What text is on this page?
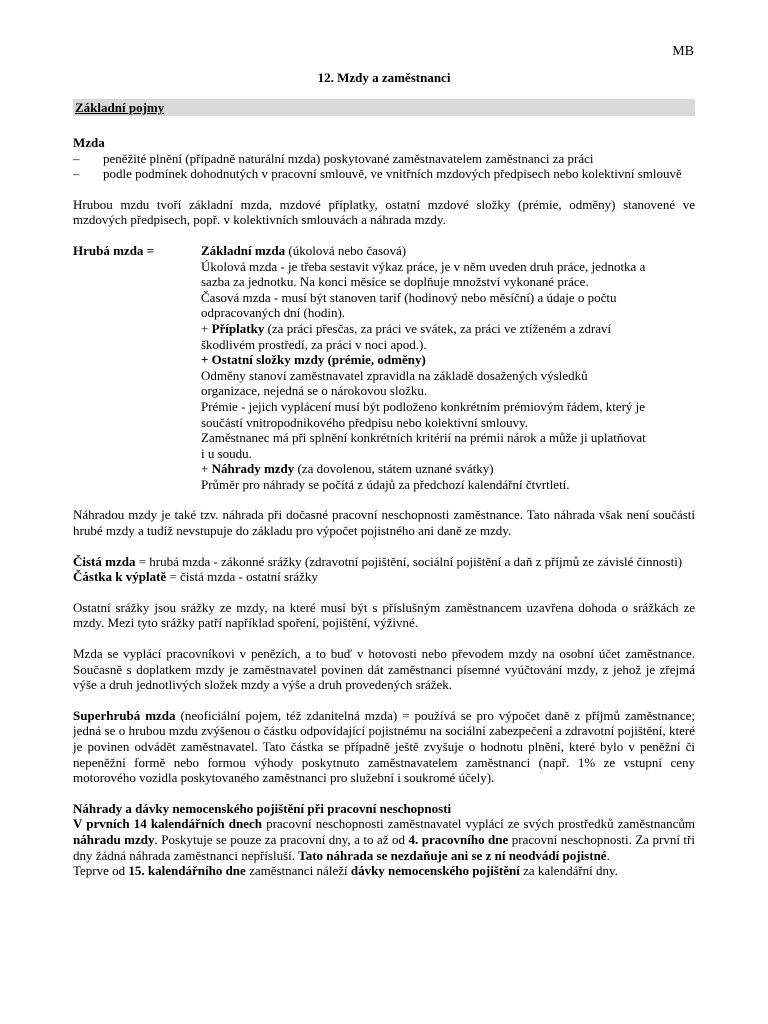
MB
12. Mzdy a zaměstnanci
Základní pojmy

Mzda

– peněžité plnění (případně naturální mzda) poskytované zaměstnavatelem zaměstnanci za práci
– podle podmínek dohodnutých v pracovní smlouvě, ve vnitřních mzdových předpisech nebo kolektivní smlouvě

Hrubou mzdu tvoří základní mzda, mzdové příplatky, ostatní mzdové složky (prémie, odměny) stanovené ve mzdových předpisech, popř. v kolektivních smlouvách a náhrada mzdy.

Hrubá mzda =	Základní mzda (úkolová nebo časová)

Úkolová mzda - je třeba sestavit výkaz práce, je v něm uveden druh práce, jednotka a sazba za jednotku. Na konci měsíce se doplňuje množství vykonané práce.

Časová mzda - musí být stanoven tarif (hodinový nebo měsíční) a údaje o počtu odpracovaných dní (hodin).

+ Příplatky (za práci přesčas, za práci ve svátek, za práci ve ztíženém a zdraví škodlivém prostředí, za práci v noci apod.).

+ Ostatní složky mzdy (prémie, odměny)

Odměny stanoví zaměstnavatel zpravidla na základě dosažených výsledků organizace, nejedná se o nárokovou složku.

Prémie - jejich vyplácení musí být podloženo konkrétním prémiovým řádem, který je součástí vnitropodnikového předpisu nebo kolektivní smlouvy.

Zaměstnanec má při splnění konkrétních kritérií na prémii nárok a může ji uplatňovat i u soudu.

+ Náhrady mzdy (za dovolenou, státem uznané svátky)

Průměr pro náhrady se počítá z údajů za předchozí kalendářní čtvrtletí.

Náhradou mzdy je také tzv. náhrada při dočasné pracovní neschopnosti zaměstnance. Tato náhrada však není součástí hrubé mzdy a tudíž nevstupuje do základu pro výpočet pojistného ani daně ze mzdy.

Čistá mzda = hrubá mzda - zákonné srážky (zdravotní pojištění, sociální pojištění a daň z příjmů ze závislé činnosti)

Částka k výplatě = čistá mzda - ostatní srážky

Ostatní srážky jsou srážky ze mzdy, na které musí být s příslušným zaměstnancem uzavřena dohoda o srážkách ze mzdy. Mezi tyto srážky patří například spoření, pojištění, výživné.

Mzda se vyplácí pracovníkovi v penězích, a to buď v hotovosti nebo převodem mzdy na osobní účet zaměstnance. Současně s doplatkem mzdy je zaměstnavatel povinen dát zaměstnanci písemné vyúčtování mzdy, z jehož je zřejmá výše a druh jednotlivých složek mzdy a výše a druh provedených srážek.

Superhrubá mzda (neoficiální pojem, též zdanitelná mzda) = používá se pro výpočet daně z příjmů zaměstnance; jedná se o hrubou mzdu zvýšenou o částku odpovídající pojistnému na sociální zabezpečení a zdravotní pojištění, které je povinen odvádět zaměstnavatel. Tato částka se případně ještě zvyšuje o hodnotu plnění, které bylo v peněžní či nepeněžní formě nebo formou výhody poskytnuto zaměstnavatelem zaměstnanci (např. 1% ze vstupní ceny motorového vozidla poskytovaného zaměstnanci pro služební i soukromé účely).

Náhrady a dávky nemocenského pojištění při pracovní neschopnosti

V prvních 14 kalendářních dnech pracovní neschopnosti zaměstnavatel vyplácí ze svých prostředků zaměstnancům náhradu mzdy. Poskytuje se pouze za pracovní dny, a to až od 4. pracovního dne pracovní neschopnosti. Za první tři dny žádná náhrada zaměstnanci nepřísluší. Tato náhrada se nezdaňuje ani se z ní neodvádí pojistné.

Teprve od 15. kalendářního dne zaměstnanci náleží dávky nemocenského pojištění za kalendářní dny.
